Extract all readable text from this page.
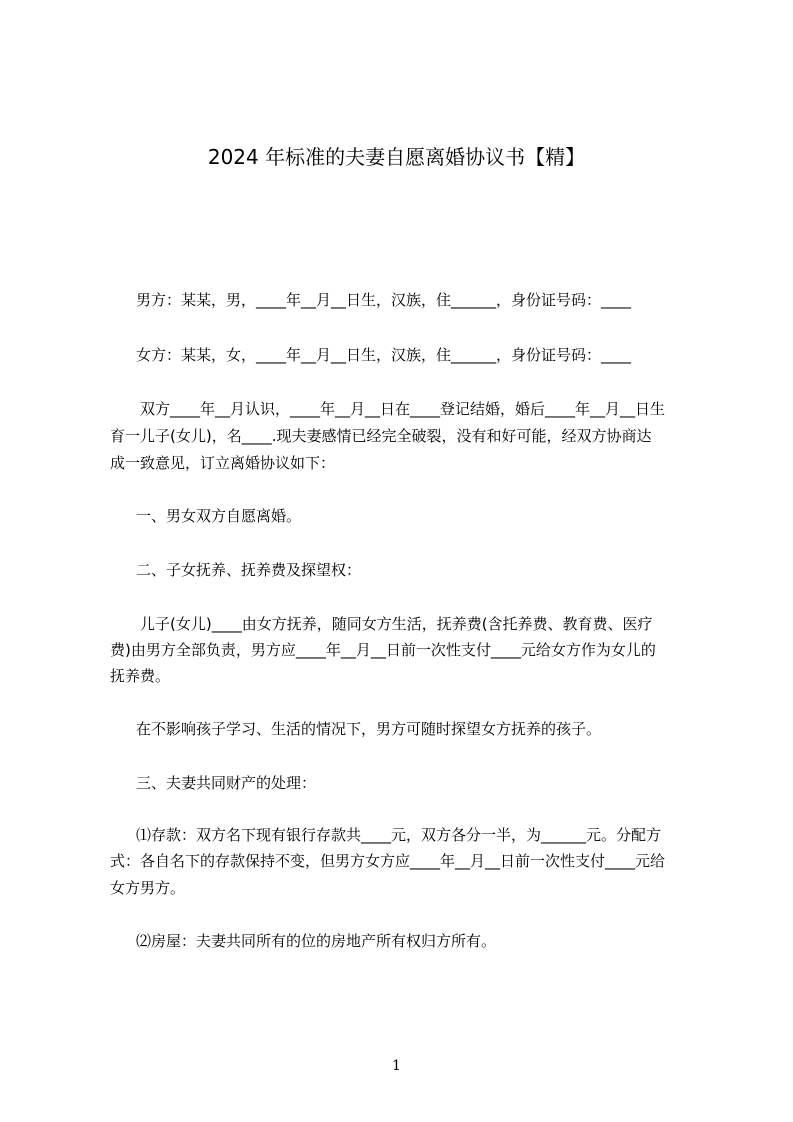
2024 年标准的夫妻自愿离婚协议书【精】
男方：某某，男，____年__月__日生，汉族，住______，身份证号码：____
女方：某某，女，____年__月__日生，汉族，住______，身份证号码：____
双方____年__月认识，____年__月__日在____登记结婚，婚后____年__月__日生
育一儿子(女儿)，名____.现夫妻感情已经完全破裂，没有和好可能，经双方协商达
成一致意见，订立离婚协议如下：
一、男女双方自愿离婚。
二、子女抚养、抚养费及探望权：
儿子(女儿)____由女方抚养，随同女方生活，抚养费(含托养费、教育费、医疗
费)由男方全部负责，男方应____年__月__日前一次性支付____元给女方作为女儿的
抚养费。
在不影响孩子学习、生活的情况下，男方可随时探望女方抚养的孩子。
三、夫妻共同财产的处理：
⑴存款：双方名下现有银行存款共____元，双方各分一半，为______元。分配方
式：各自名下的存款保持不变，但男方女方应____年__月__日前一次性支付____元给
女方男方。
⑵房屋：夫妻共同所有的位的房地产所有权归方所有。
1
